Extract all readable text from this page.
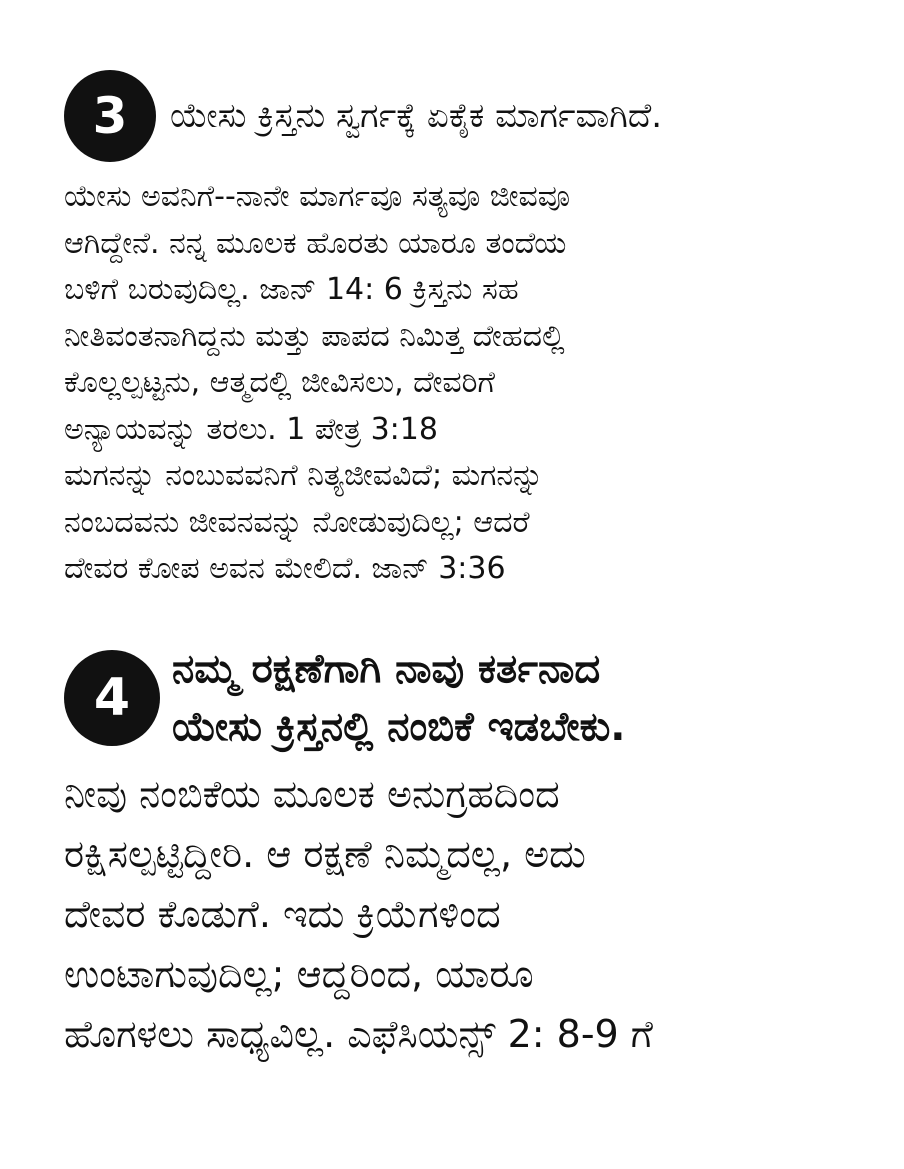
3	ಯೇಸು ಕ್ರಿಸ್ತನು ಸ್ವರ್ಗಕ್ಕೆ ಏಕೈಕ ಮಾರ್ಗವಾಗಿದೆ.
ಯೇಸು ಅವನಿಗೆ--ನಾನೇ ಮಾರ್ಗವೂ ಸತ್ಯವೂ ಜೀವವೂ
ಆಗಿದ್ದೇನೆ. ನನ್ನ ಮೂಲಕ ಹೊರತು ಯಾರೂ ತಂದೆಯ
ಬಳಿಗೆ ಬರುವುದಿಲ್ಲ. ಜಾನ್ 14: 6 ಕ್ರಿಸ್ತನು ಸಹ
ನೀತಿವಂತನಾಗಿದ್ದನು ಮತ್ತು ಪಾಪದ ನಿಮಿತ್ತ ದೇಹದಲ್ಲಿ
ಕೊಲ್ಲಲ್ಪಟ್ಟನು, ಆತ್ಮದಲ್ಲಿ ಜೀವಿಸಲು, ದೇವರಿಗೆ
ಅನ್ಯಾಯವನ್ನು ತರಲು. 1 ಪೇತ್ರ 3:18
ಮಗನನ್ನು ನಂಬುವವನಿಗೆ ನಿತ್ಯಜೀವವಿದೆ; ಮಗನನ್ನು
ನಂಬದವನು ಜೀವನವನ್ನು ನೋಡುವುದಿಲ್ಲ; ಆದರೆ
ದೇವರ ಕೋಪ ಅವನ ಮೇಲಿದೆ. ಜಾನ್ 3:36
4	ನಮ್ಮ ರಕ್ಷಣೆಗಾಗಿ ನಾವು ಕರ್ತನಾದ
ಯೇಸು ಕ್ರಿಸ್ತನಲ್ಲಿ ನಂಬಿಕೆ ಇಡಬೇಕು.
ನೀವು ನಂಬಿಕೆಯ ಮೂಲಕ ಅನುಗ್ರಹದಿಂದ
ರಕ್ಷಿಸಲ್ಪಟ್ಟಿದ್ದೀರಿ. ಆ ರಕ್ಷಣೆ ನಿಮ್ಮದಲ್ಲ, ಅದು
ದೇವರ ಕೊಡುಗೆ. ಇದು ಕ್ರಿಯೆಗಳಿಂದ
ಉಂಟಾಗುವುದಿಲ್ಲ; ಆದ್ದರಿಂದ, ಯಾರೂ
ಹೊಗಳಲು ಸಾಧ್ಯವಿಲ್ಲ. ಎಫೆಸಿಯನ್ಸ್ 2: 8-9 ಗೆ
